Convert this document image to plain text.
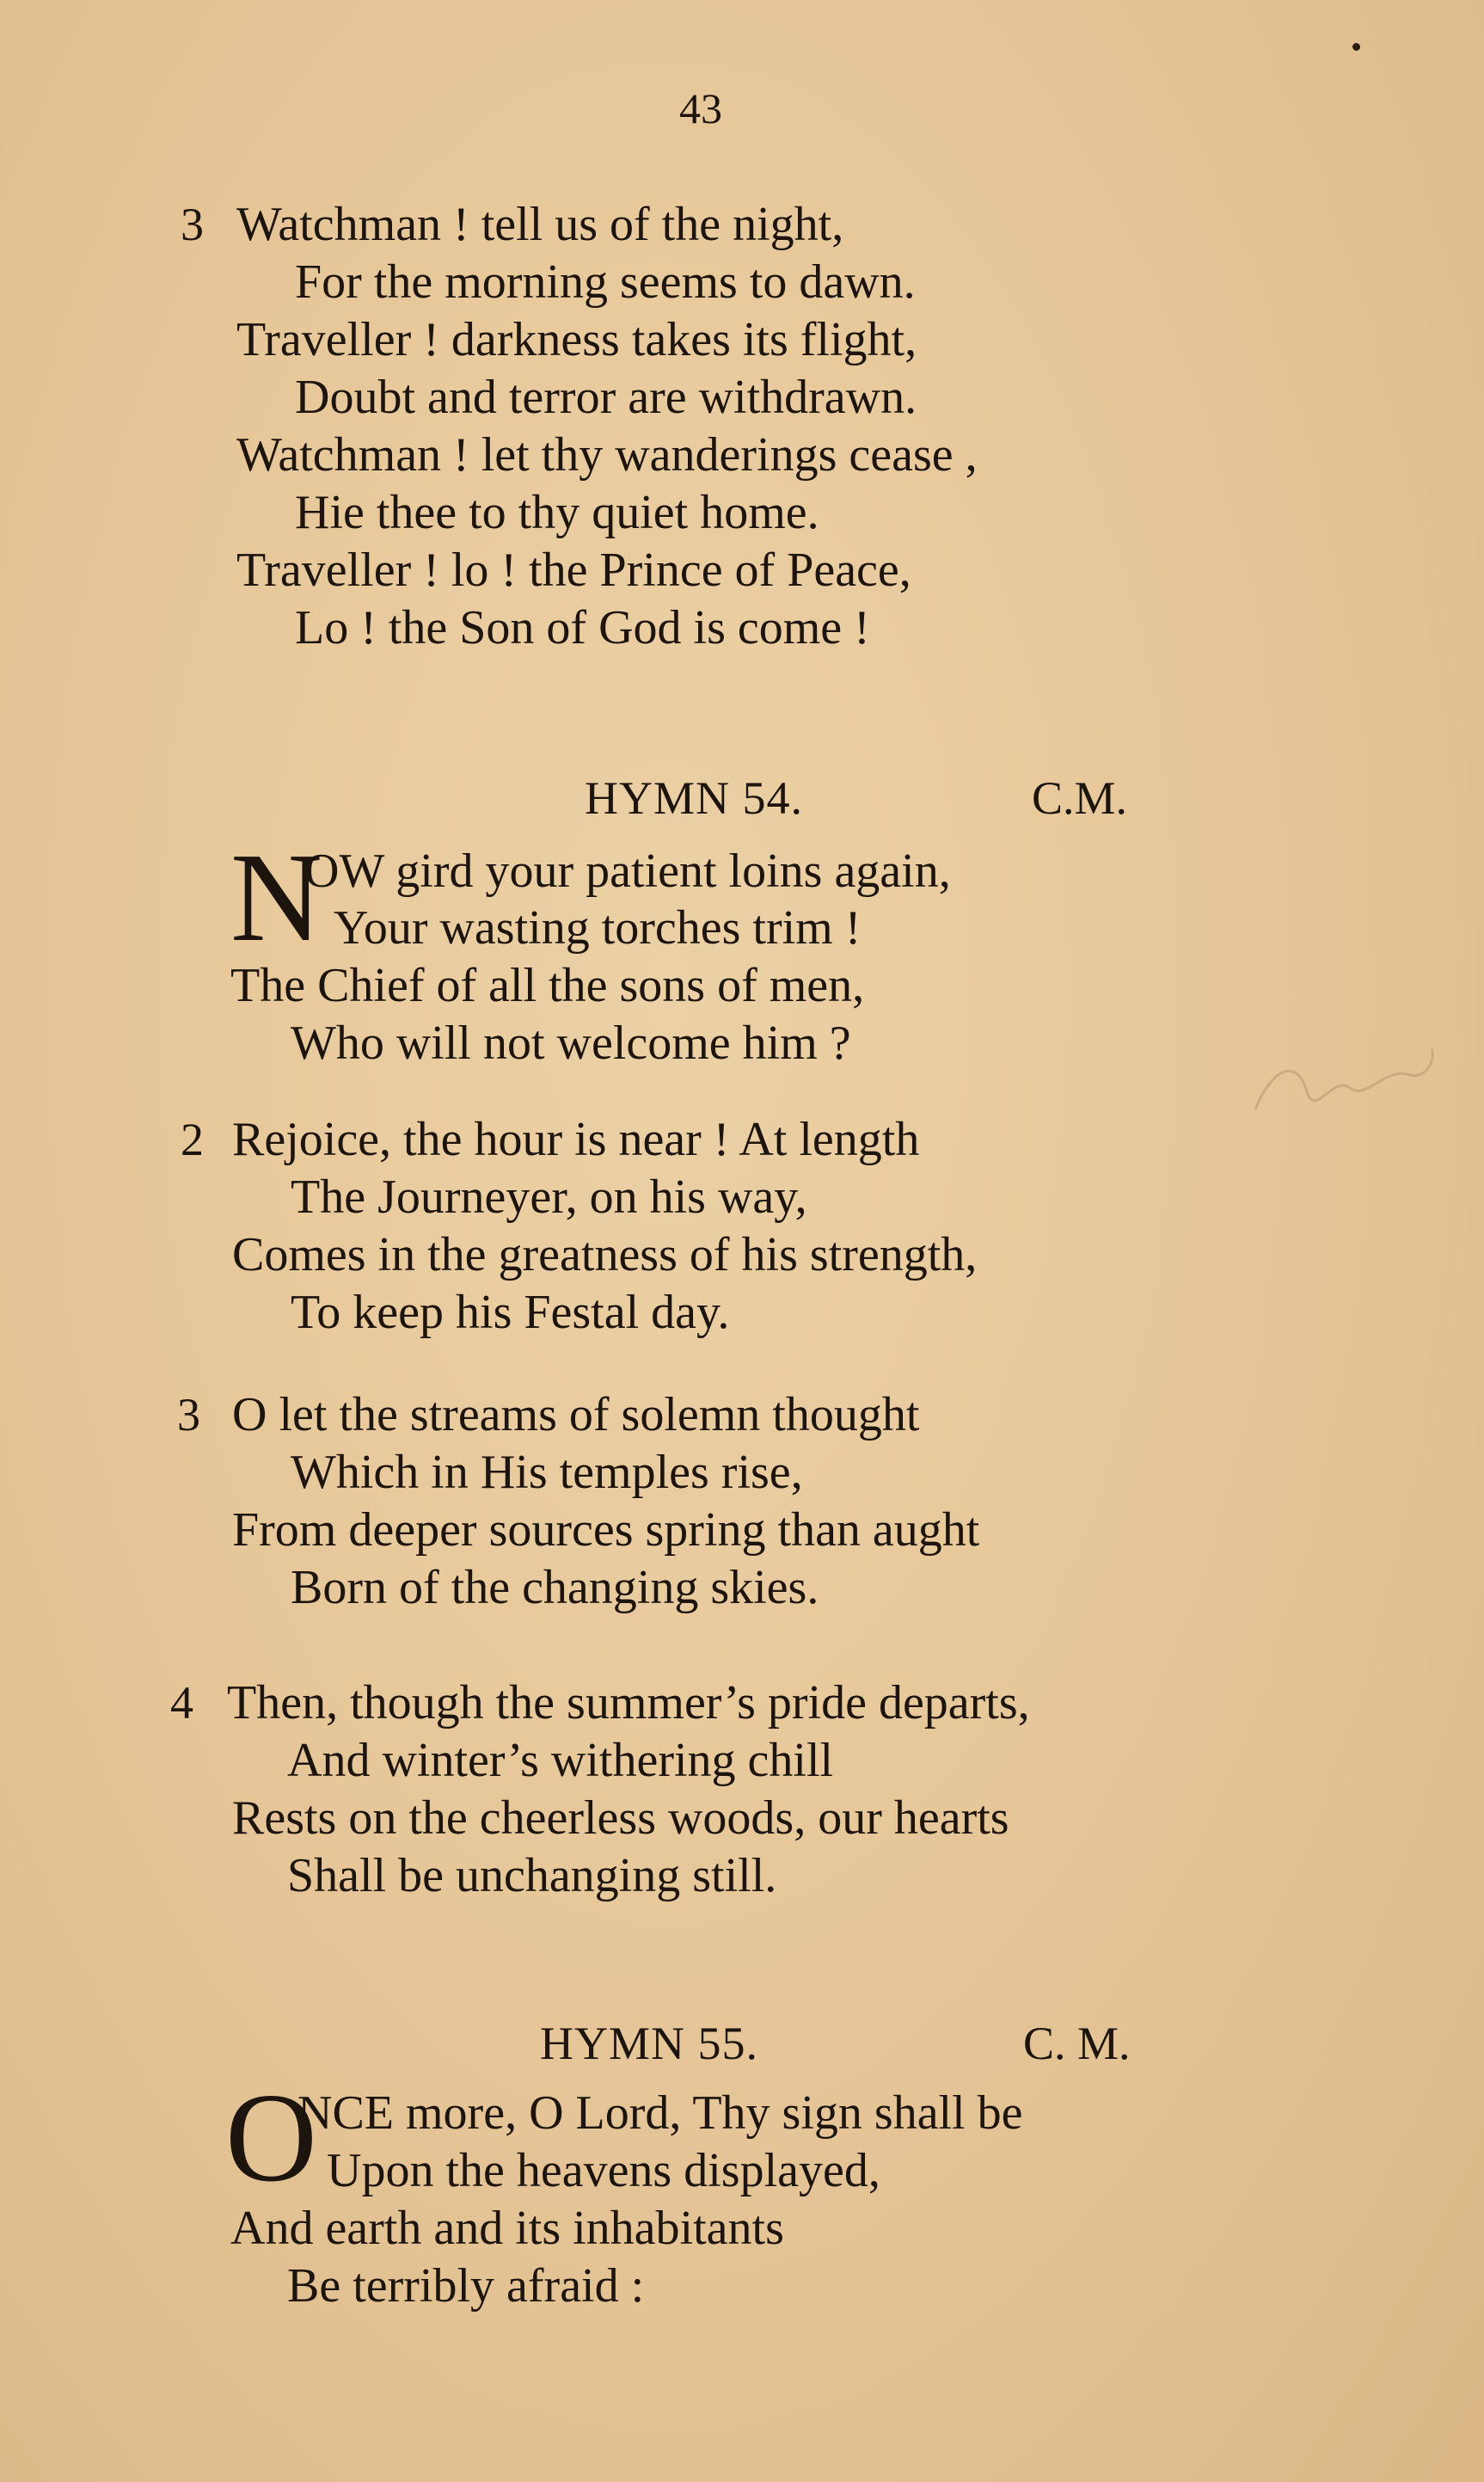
43
3 Watchman ! tell us of the night,
For the morning seems to dawn.
Traveller ! darkness takes its flight,
Doubt and terror are withdrawn.
Watchman ! let thy wanderings cease ,
Hie thee to thy quiet home.
Traveller ! lo ! the Prince of Peace,
Lo ! the Son of God is come !
HYMN 54.	C.M.
N
OW gird your patient loins again,
Your wasting torches trim !
The Chief of all the sons of men,
Who will not welcome him ?
2 Rejoice, the hour is near ! At length
The Journeyer, on his way,
Comes in the greatness of his strength,
To keep his Festal day.
3 O let the streams of solemn thought
Which in His temples rise,
From deeper sources spring than aught
Born of the changing skies.
4 Then, though the summer’s pride departs,
And winter’s withering chill
Rests on the cheerless woods, our hearts
Shall be unchanging still.
HYMN 55.	C. M.
O
NCE more, O Lord, Thy sign shall be
Upon the heavens displayed,
And earth and its inhabitants
Be terribly afraid :
